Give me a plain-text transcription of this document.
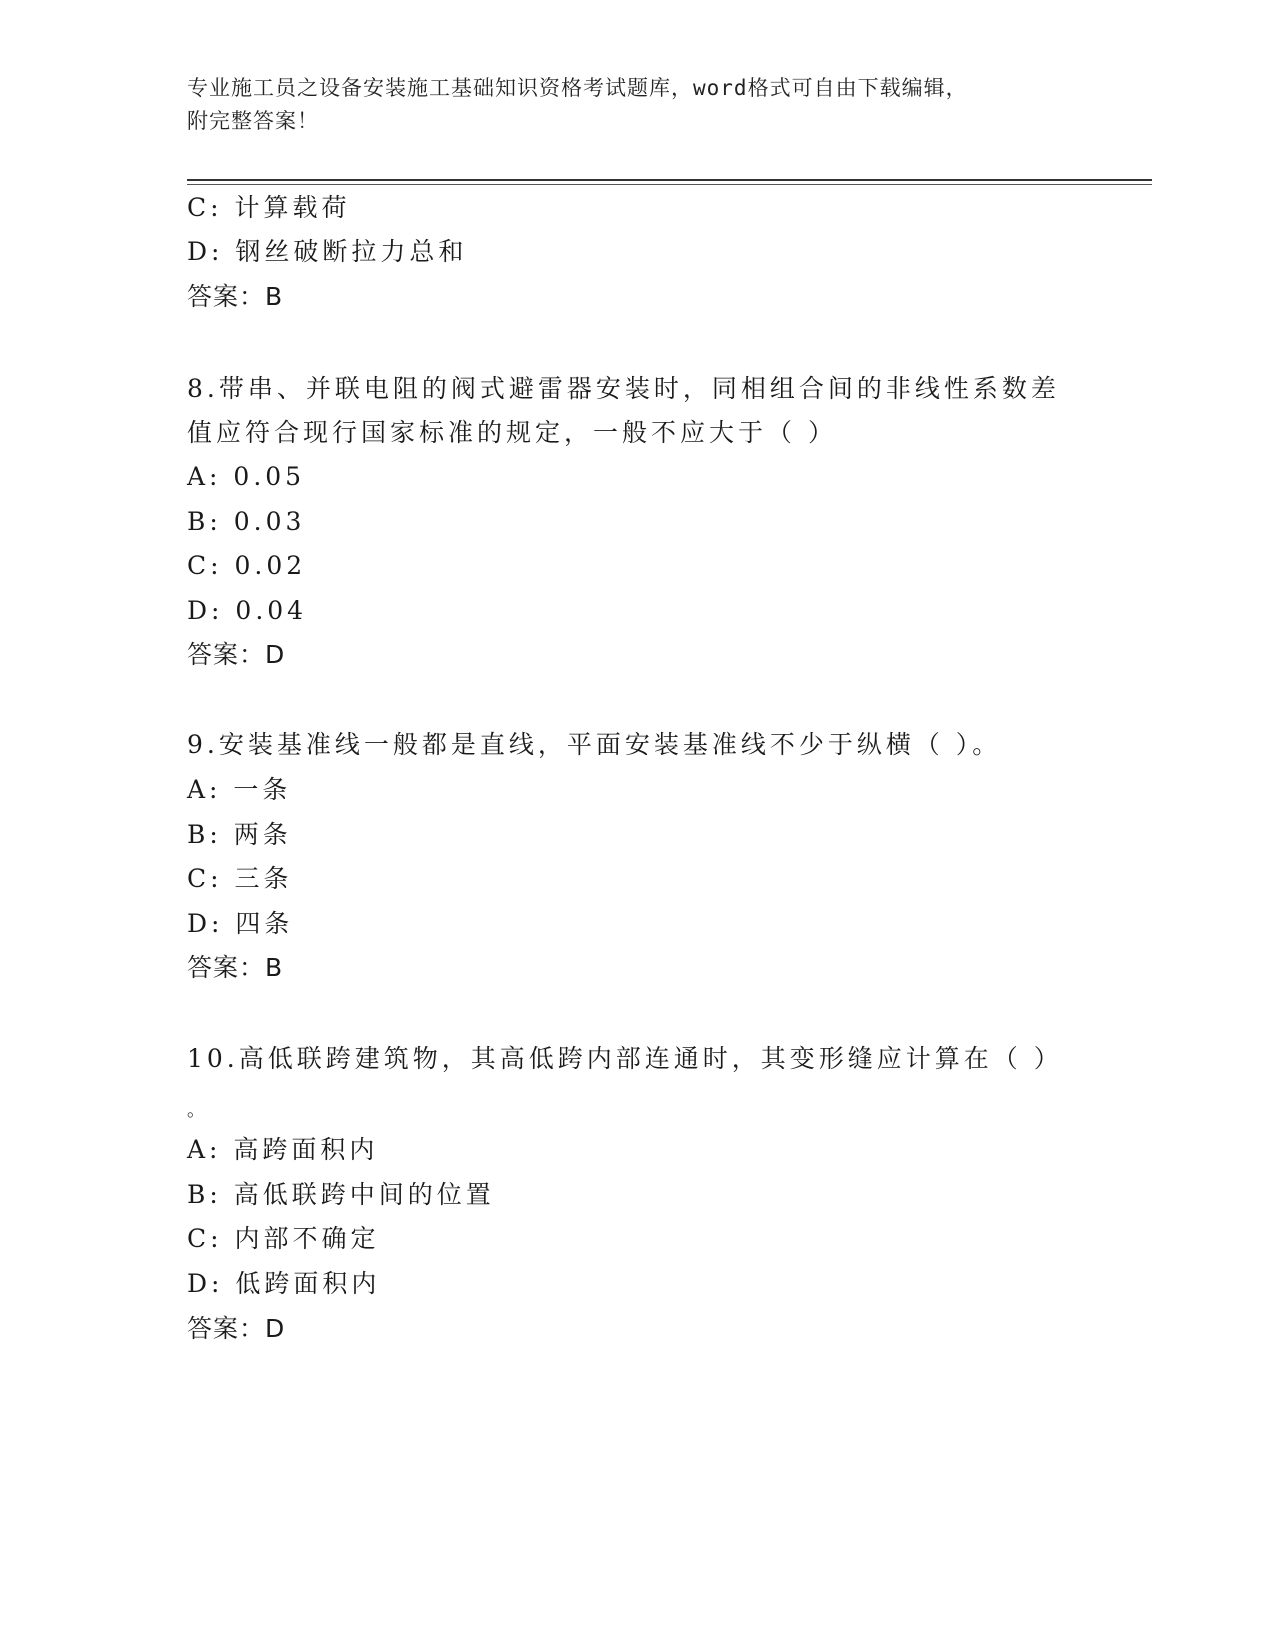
专业施工员之设备安装施工基础知识资格考试题库，word格式可自由下载编辑，
附完整答案！
C: 计算载荷
D: 钢丝破断拉力总和
答案：B
8.带串、并联电阻的阀式避雷器安装时，同相组合间的非线性系数差
值应符合现行国家标准的规定，一般不应大于（ ）
A: 0.05
B: 0.03
C: 0.02
D: 0.04
答案：D
9.安装基准线一般都是直线，平面安装基准线不少于纵横（ ）。
A: 一条
B: 两条
C: 三条
D: 四条
答案：B
10.高低联跨建筑物，其高低跨内部连通时，其变形缝应计算在（ ）
。
A: 高跨面积内
B: 高低联跨中间的位置
C: 内部不确定
D: 低跨面积内
答案：D
